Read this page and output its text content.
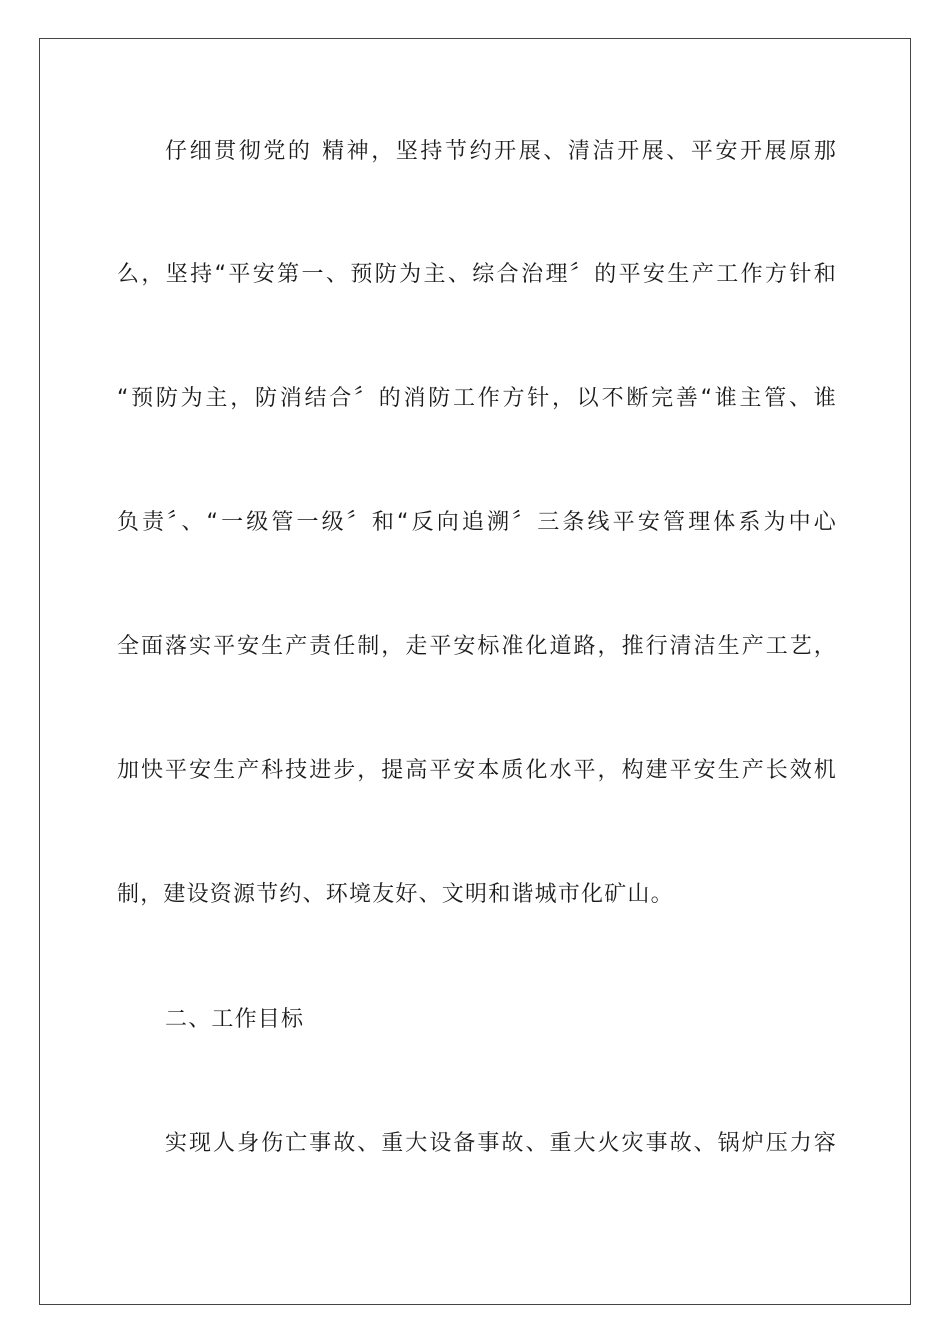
仔细贯彻党的 精神，坚持节约开展、清洁开展、平安开展原那
么，坚持“平安第一、预防为主、综合治理〞的平安生产工作方针和
“预防为主，防消结合〞的消防工作方针，以不断完善“谁主管、谁
负责〞、“一级管一级〞和“反向追溯〞三条线平安管理体系为中心
全面落实平安生产责任制，走平安标准化道路，推行清洁生产工艺，
加快平安生产科技进步，提高平安本质化水平，构建平安生产长效机
制，建设资源节约、环境友好、文明和谐城市化矿山。
二、工作目标
实现人身伤亡事故、重大设备事故、重大火灾事故、锅炉压力容
